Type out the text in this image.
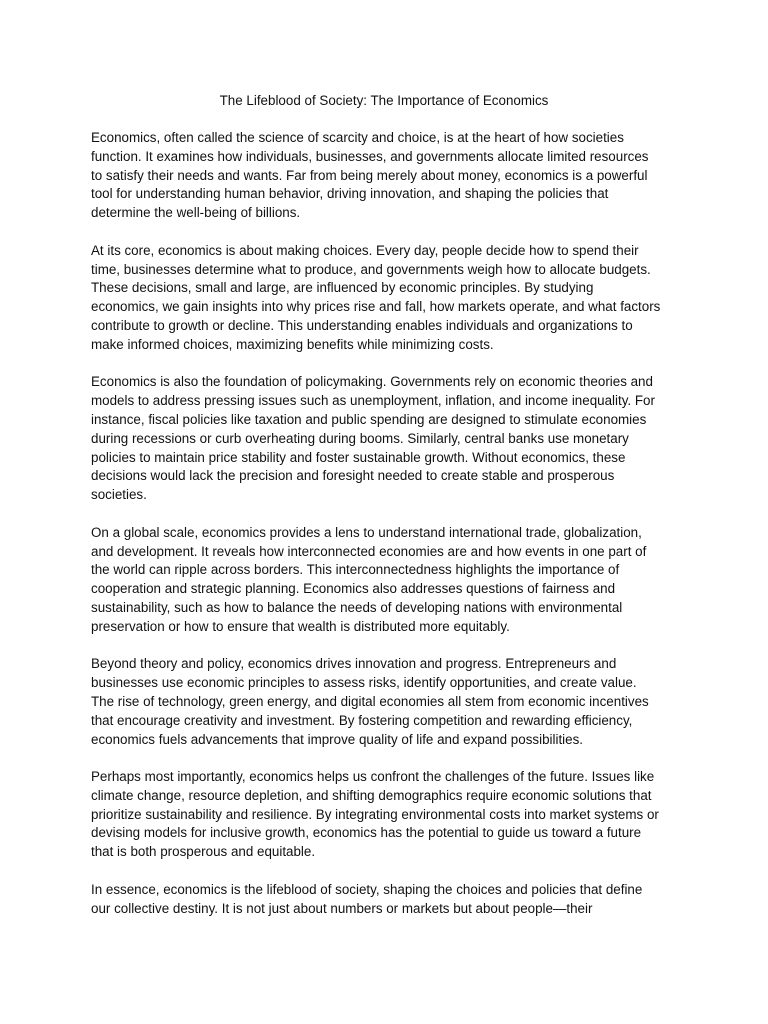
The Lifeblood of Society: The Importance of Economics

Economics, often called the science of scarcity and choice, is at the heart of how societies
function. It examines how individuals, businesses, and governments allocate limited resources
to satisfy their needs and wants. Far from being merely about money, economics is a powerful
tool for understanding human behavior, driving innovation, and shaping the policies that
determine the well-being of billions.

At its core, economics is about making choices. Every day, people decide how to spend their
time, businesses determine what to produce, and governments weigh how to allocate budgets.
These decisions, small and large, are influenced by economic principles. By studying
economics, we gain insights into why prices rise and fall, how markets operate, and what factors
contribute to growth or decline. This understanding enables individuals and organizations to
make informed choices, maximizing benefits while minimizing costs.

Economics is also the foundation of policymaking. Governments rely on economic theories and
models to address pressing issues such as unemployment, inflation, and income inequality. For
instance, fiscal policies like taxation and public spending are designed to stimulate economies
during recessions or curb overheating during booms. Similarly, central banks use monetary
policies to maintain price stability and foster sustainable growth. Without economics, these
decisions would lack the precision and foresight needed to create stable and prosperous
societies.

On a global scale, economics provides a lens to understand international trade, globalization,
and development. It reveals how interconnected economies are and how events in one part of
the world can ripple across borders. This interconnectedness highlights the importance of
cooperation and strategic planning. Economics also addresses questions of fairness and
sustainability, such as how to balance the needs of developing nations with environmental
preservation or how to ensure that wealth is distributed more equitably.

Beyond theory and policy, economics drives innovation and progress. Entrepreneurs and
businesses use economic principles to assess risks, identify opportunities, and create value.
The rise of technology, green energy, and digital economies all stem from economic incentives
that encourage creativity and investment. By fostering competition and rewarding efficiency,
economics fuels advancements that improve quality of life and expand possibilities.

Perhaps most importantly, economics helps us confront the challenges of the future. Issues like
climate change, resource depletion, and shifting demographics require economic solutions that
prioritize sustainability and resilience. By integrating environmental costs into market systems or
devising models for inclusive growth, economics has the potential to guide us toward a future
that is both prosperous and equitable.

In essence, economics is the lifeblood of society, shaping the choices and policies that define
our collective destiny. It is not just about numbers or markets but about people—their
